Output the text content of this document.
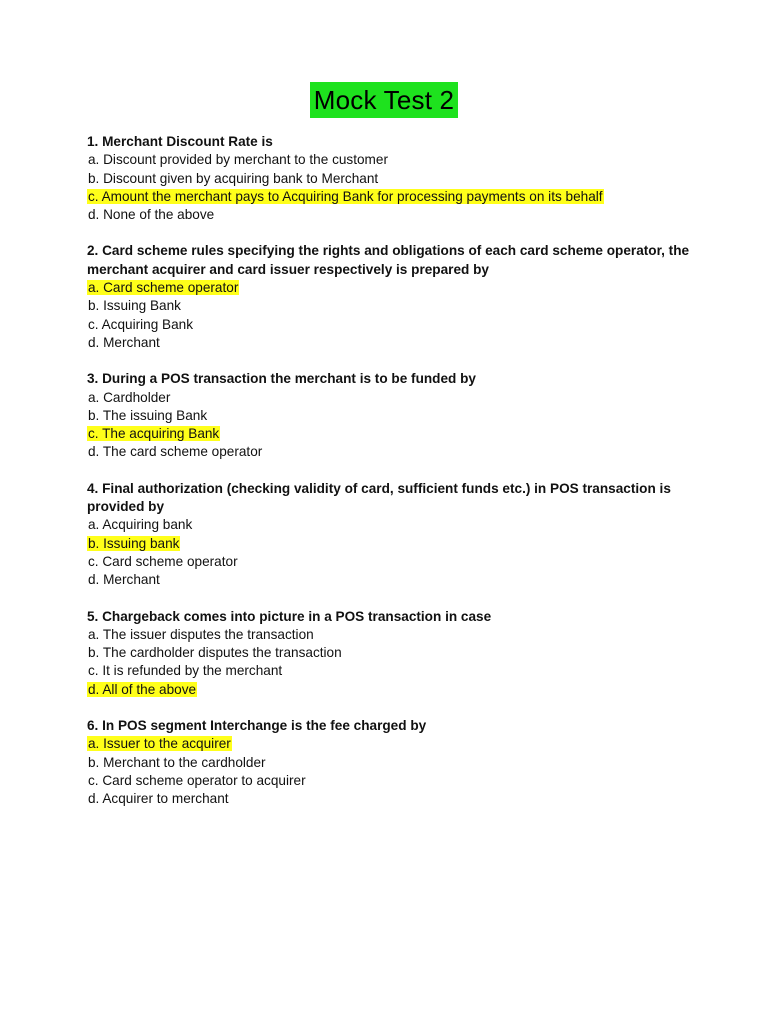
Mock Test 2

1. Merchant Discount Rate is

a. Discount provided by merchant to the customer
b. Discount given by acquiring bank to Merchant
c. Amount the merchant pays to Acquiring Bank for processing payments on its behalf
d. None of the above

2. Card scheme rules specifying the rights and obligations of each card scheme operator, the merchant acquirer and card issuer respectively is prepared by

a. Card scheme operator
b. Issuing Bank
c. Acquiring Bank
d. Merchant

3. During a POS transaction the merchant is to be funded by

a. Cardholder
b. The issuing Bank
c. The acquiring Bank
d. The card scheme operator

4. Final authorization (checking validity of card, sufficient funds etc.) in POS transaction is provided by

a. Acquiring bank
b. Issuing bank
c. Card scheme operator
d. Merchant

5. Chargeback comes into picture in a POS transaction in case

a. The issuer disputes the transaction
b. The cardholder disputes the transaction
c. It is refunded by the merchant
d. All of the above

6. In POS segment Interchange is the fee charged by

a. Issuer to the acquirer
b. Merchant to the cardholder
c. Card scheme operator to acquirer
d. Acquirer to merchant
